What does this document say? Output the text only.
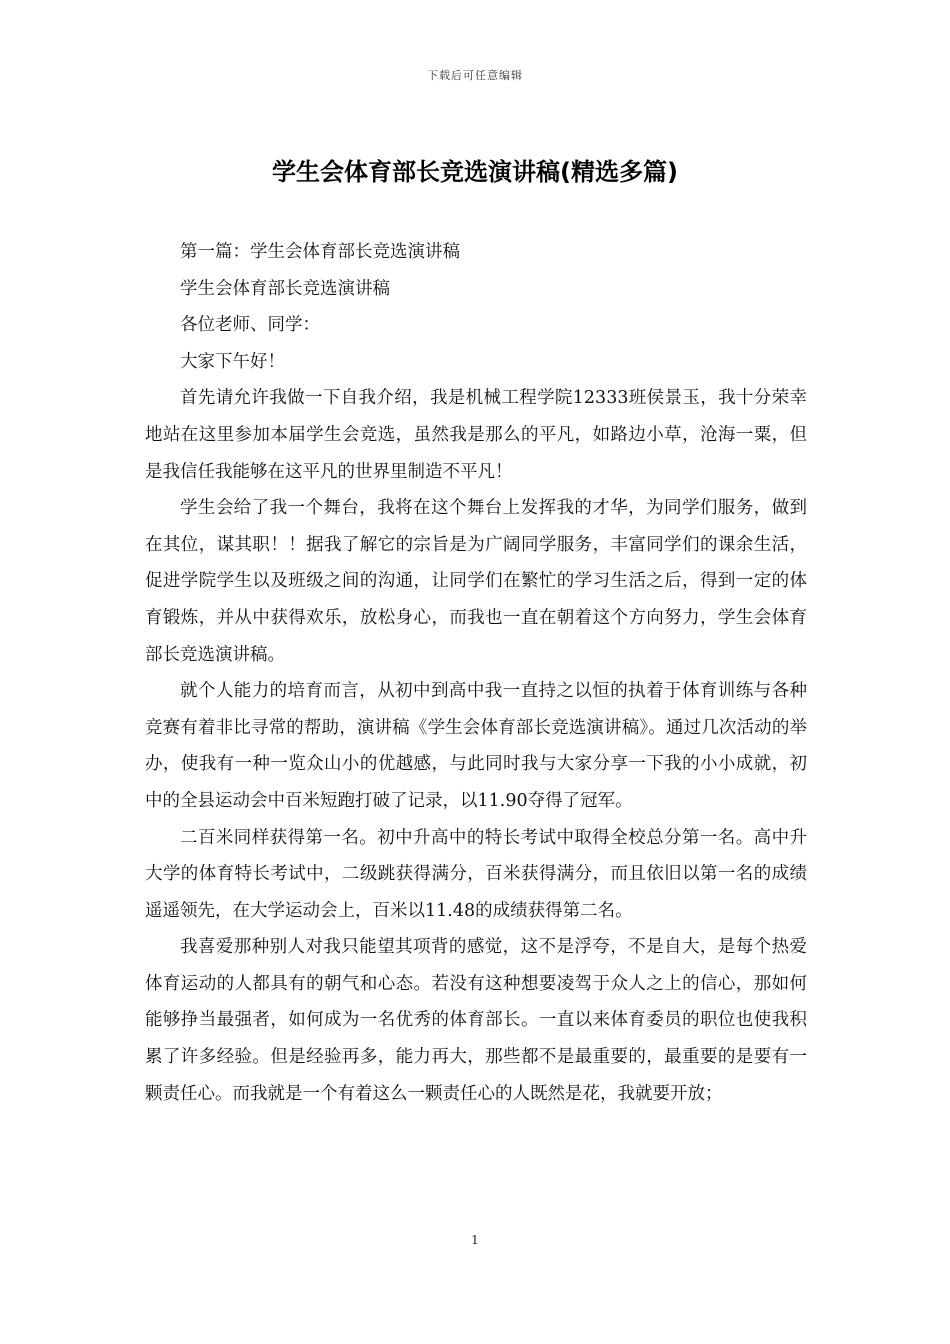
下载后可任意编辑
学生会体育部长竞选演讲稿(精选多篇)

第一篇：学生会体育部长竞选演讲稿

学生会体育部长竞选演讲稿

各位老师、同学：

大家下午好！

首先请允许我做一下自我介绍，我是机械工程学院12333班侯景玉，我十分荣幸地站在这里参加本届学生会竞选，虽然我是那么的平凡，如路边小草，沧海一粟，但是我信任我能够在这平凡的世界里制造不平凡！

学生会给了我一个舞台，我将在这个舞台上发挥我的才华，为同学们服务，做到在其位，谋其职！！据我了解它的宗旨是为广阔同学服务，丰富同学们的课余生活，促进学院学生以及班级之间的沟通，让同学们在繁忙的学习生活之后，得到一定的体育锻炼，并从中获得欢乐，放松身心，而我也一直在朝着这个方向努力，学生会体育部长竞选演讲稿。

就个人能力的培育而言，从初中到高中我一直持之以恒的执着于体育训练与各种竞赛有着非比寻常的帮助，演讲稿《学生会体育部长竞选演讲稿》。通过几次活动的举办，使我有一种一览众山小的优越感，与此同时我与大家分享一下我的小小成就，初中的全县运动会中百米短跑打破了记录，以11.90夺得了冠军。

二百米同样获得第一名。初中升高中的特长考试中取得全校总分第一名。高中升大学的体育特长考试中，二级跳获得满分，百米获得满分，而且依旧以第一名的成绩遥遥领先，在大学运动会上，百米以11.48的成绩获得第二名。

我喜爱那种别人对我只能望其项背的感觉，这不是浮夸，不是自大，是每个热爱体育运动的人都具有的朝气和心态。若没有这种想要凌驾于众人之上的信心，那如何能够挣当最强者，如何成为一名优秀的体育部长。一直以来体育委员的职位也使我积累了许多经验。但是经验再多，能力再大，那些都不是最重要的，最重要的是要有一颗责任心。而我就是一个有着这么一颗责任心的人既然是花，我就要开放；

1
